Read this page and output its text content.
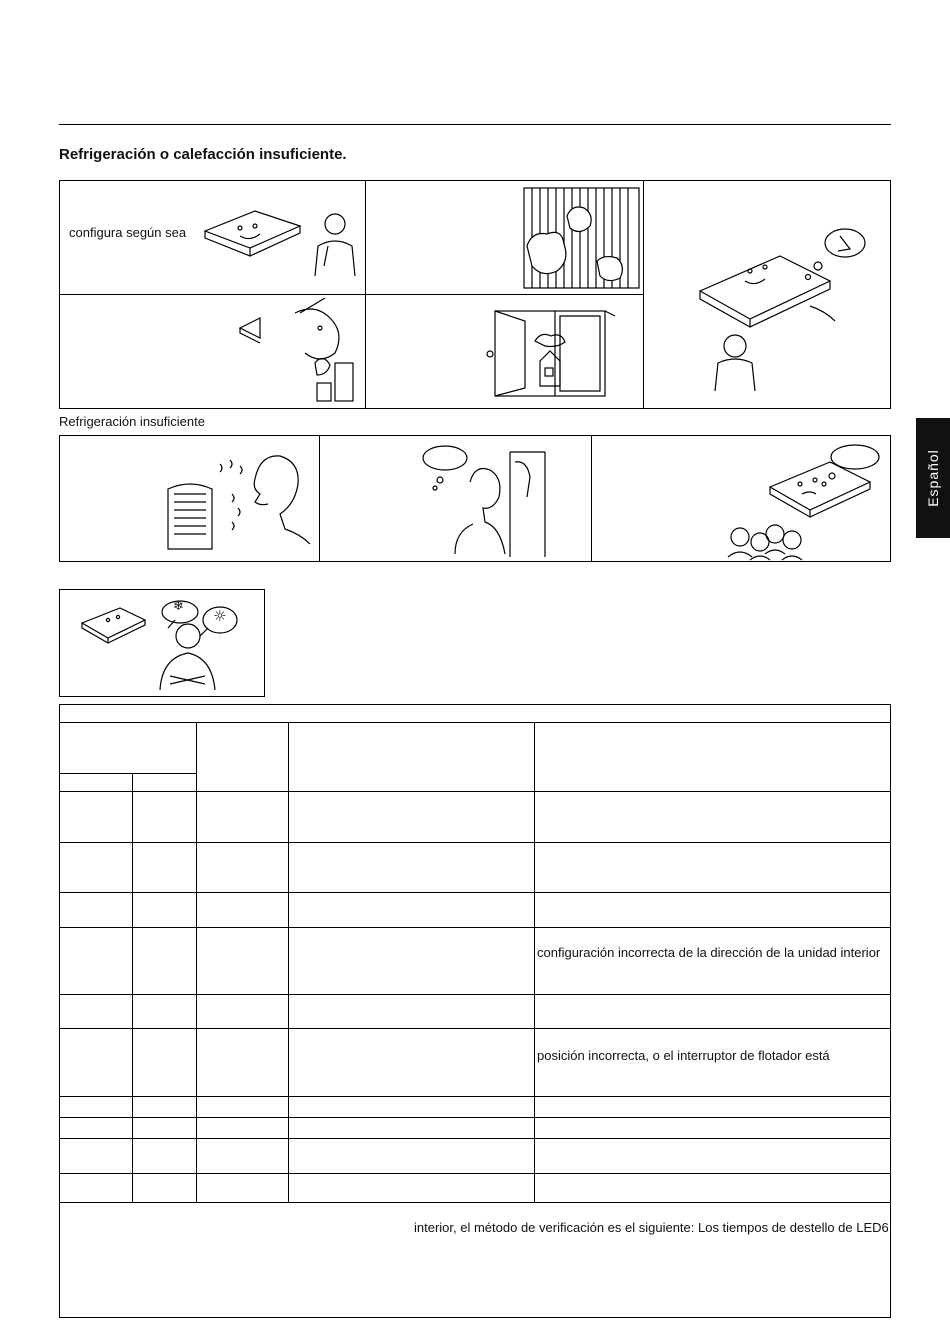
Refrigeración o calefacción insuficiente.
configura según sea
Refrigeración insuficiente
❄
☼
Español
configuración incorrecta de la dirección de la unidad interior
posición incorrecta, o el interruptor de flotador está
interior, el método de verificación es el siguiente: Los tiempos de destello de LED6
